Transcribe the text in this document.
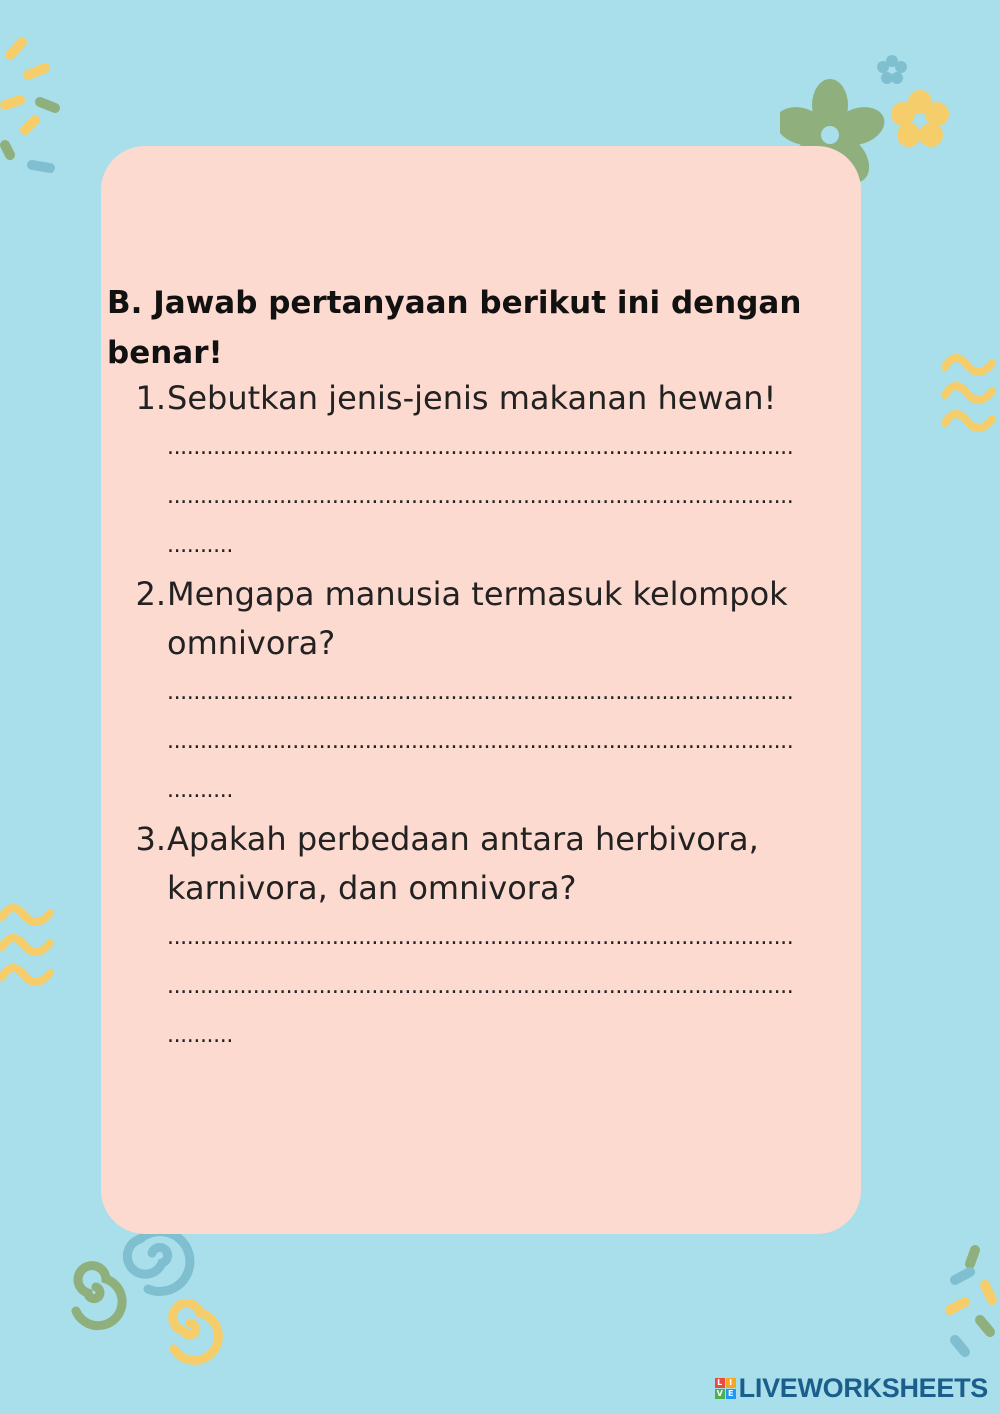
B. Jawab pertanyaan berikut ini dengan benar!
1. Sebutkan jenis-jenis makanan hewan!
...............................................................................................
...............................................................................................
..........
2. Mengapa manusia termasuk kelompok omnivora?
...............................................................................................
...............................................................................................
..........
3. Apakah perbedaan antara herbivora, karnivora, dan omnivora?
...............................................................................................
...............................................................................................
..........
L I
V E LIVEWORKSHEETS
